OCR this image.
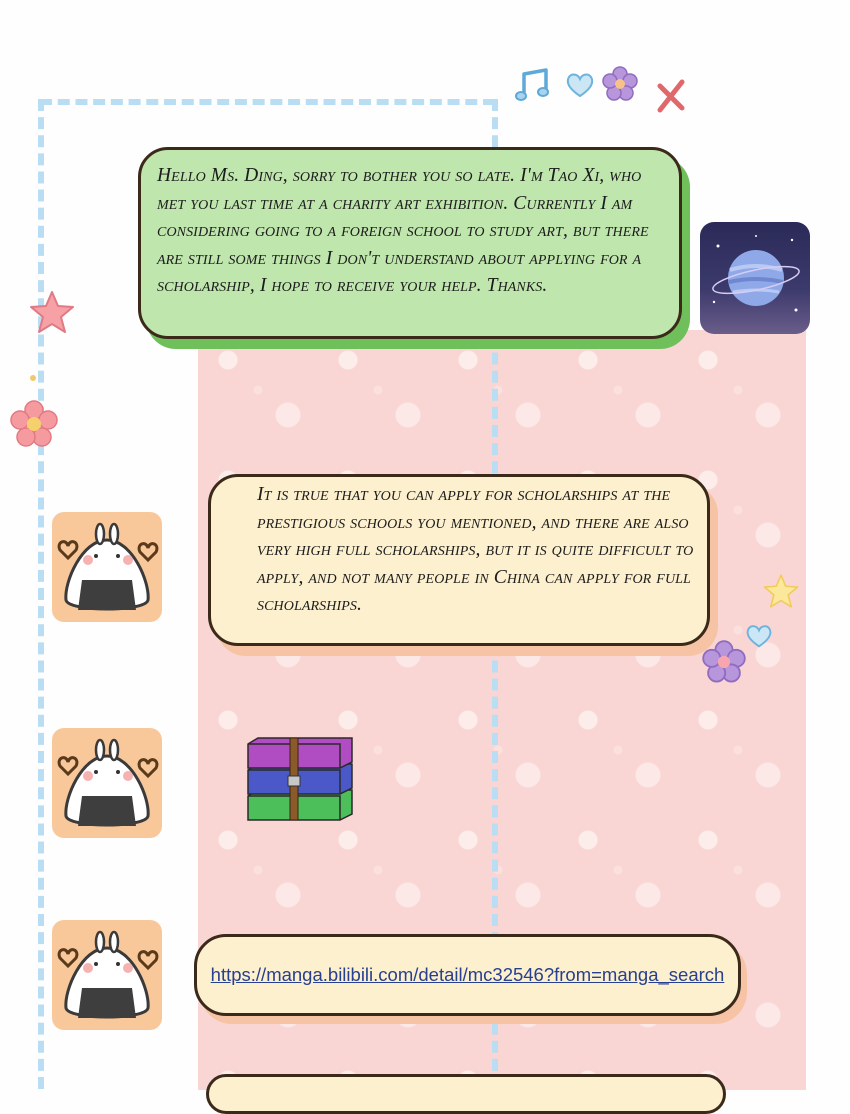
Hello Ms. Ding, sorry to bother you so late. I'm Tao Xi, who met you last time at a charity art exhibition. Currently I am considering going to a foreign school to study art, but there are still some things I don't understand about applying for a scholarship, I hope to receive your help. Thanks.

It is true that you can apply for scholarships at the prestigious schools you mentioned, and there are also very high full scholarships, but it is quite difficult to apply, and not many people in China can apply for full scholarships.

https://manga.bilibili.com/detail/mc32546?from=manga_search
